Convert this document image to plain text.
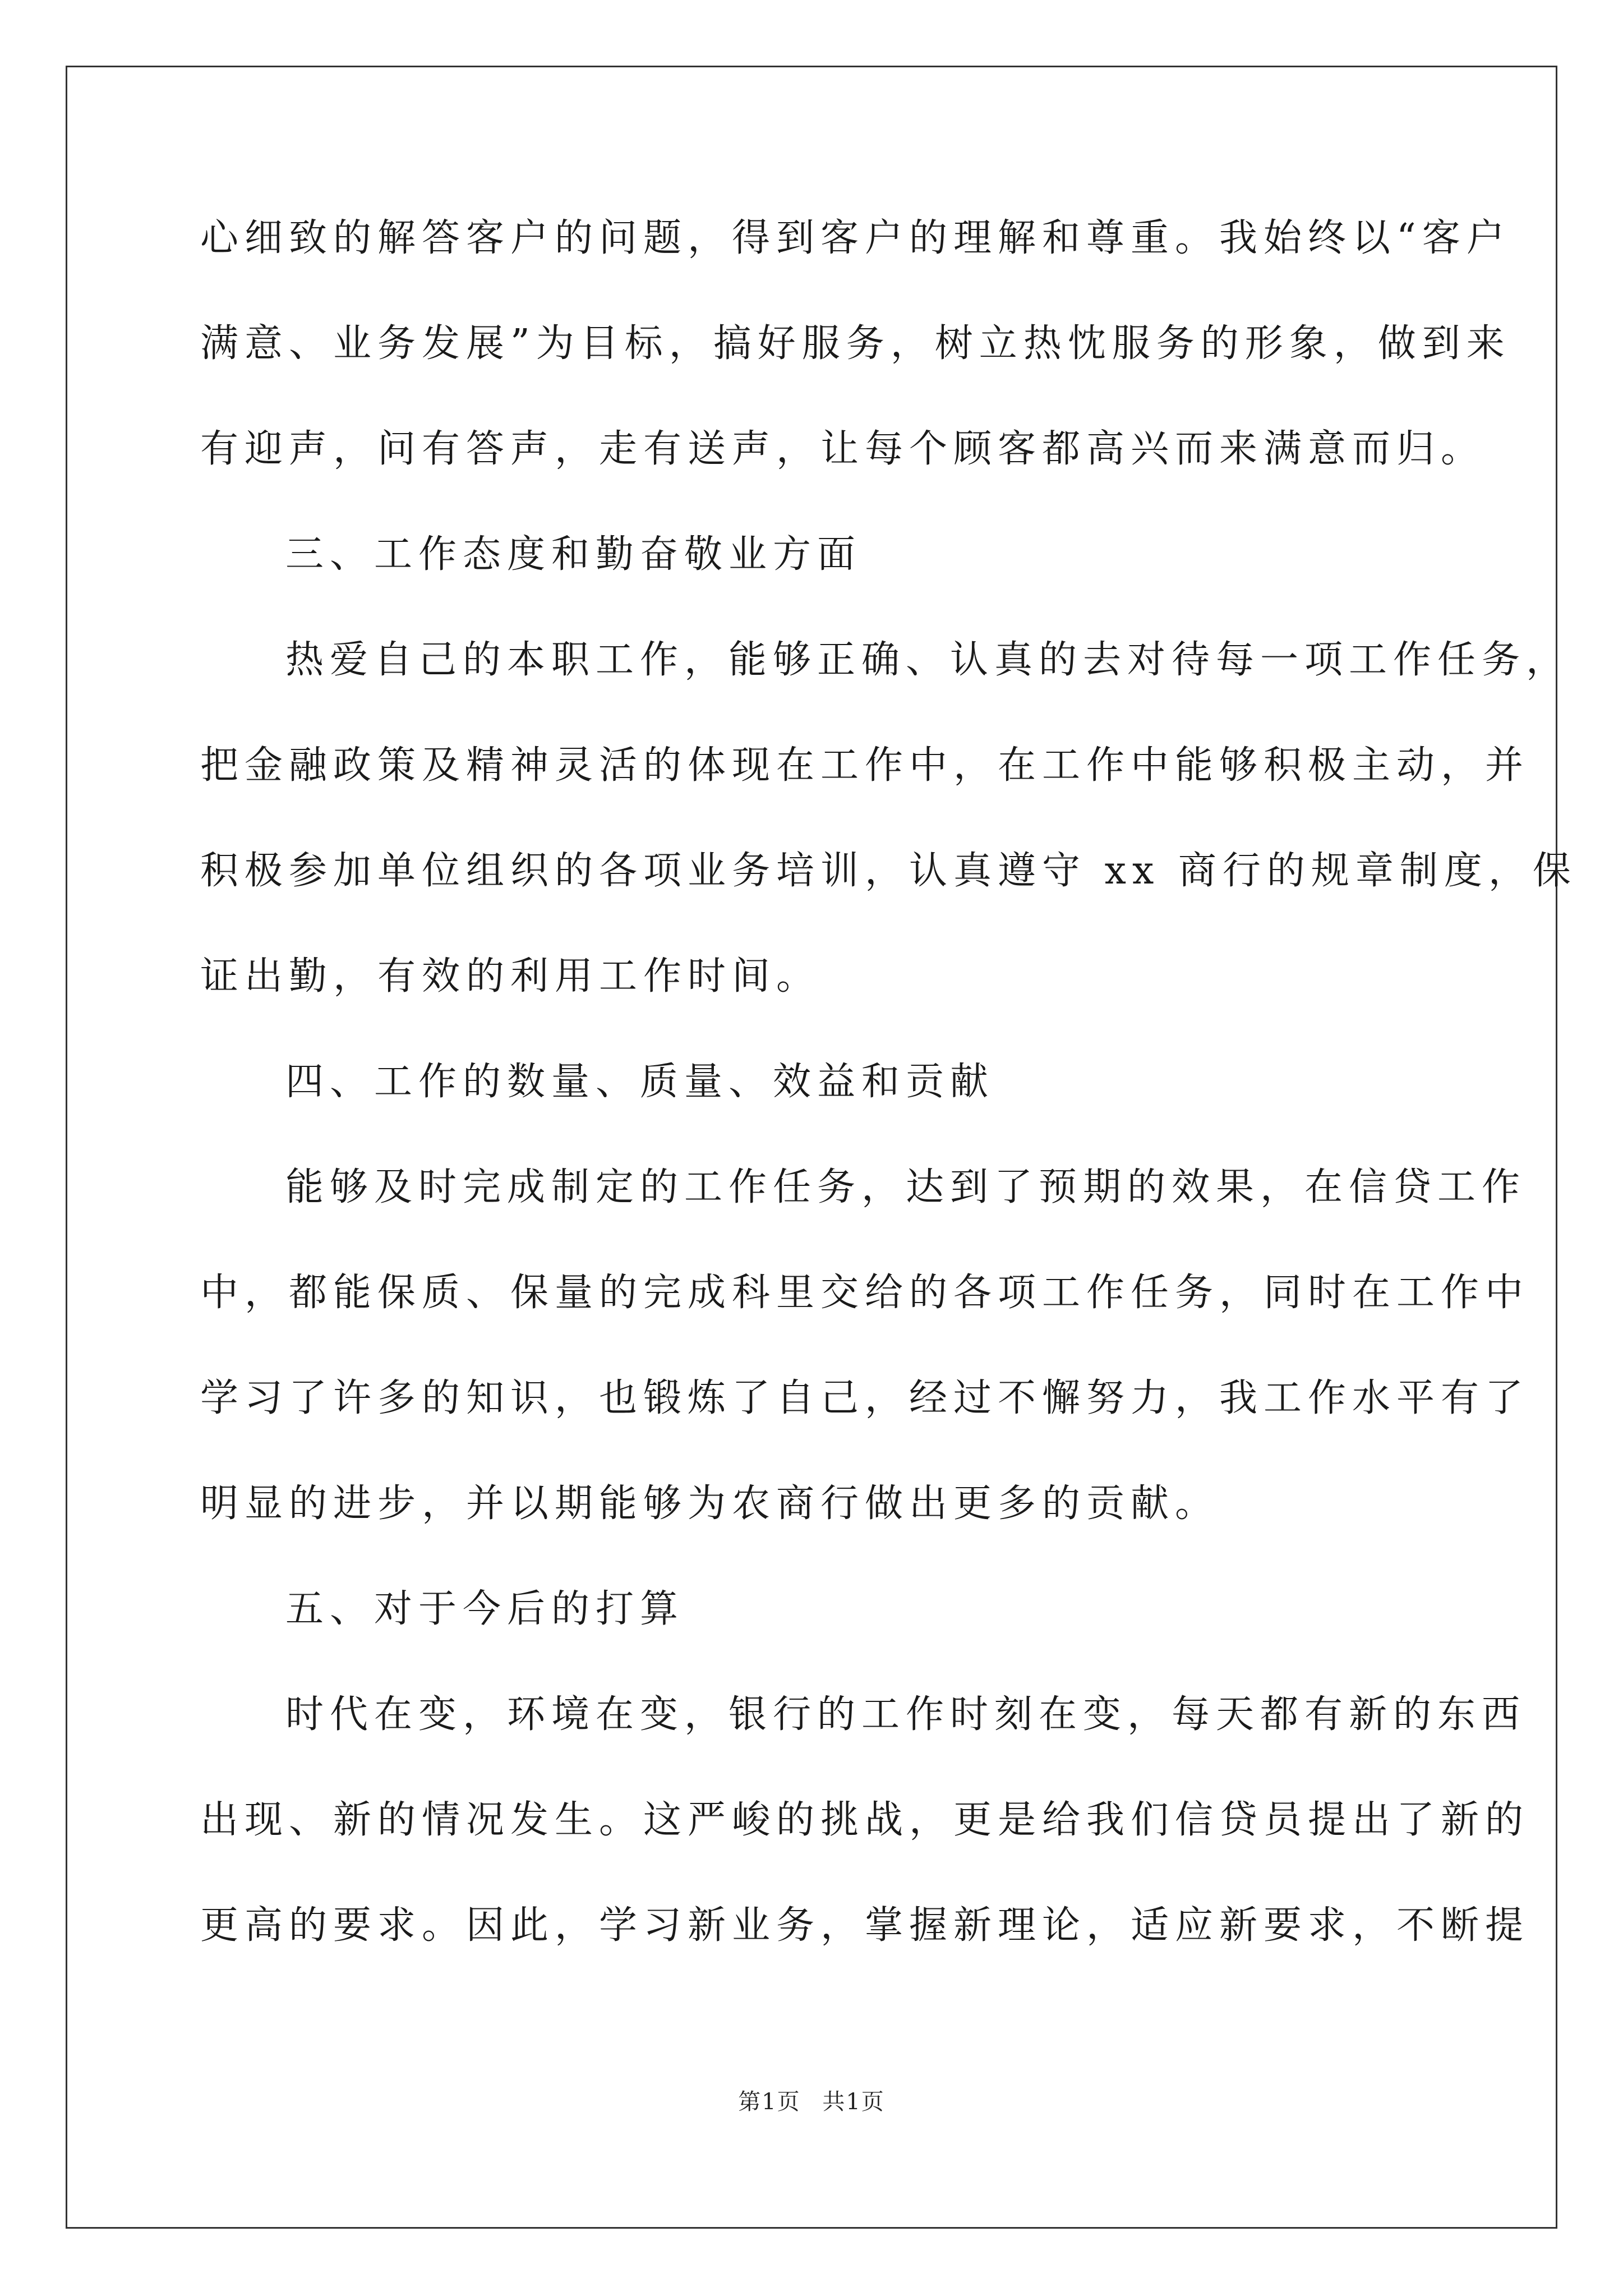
心细致的解答客户的问题，得到客户的理解和尊重。我始终以“客户
满意、业务发展”为目标，搞好服务，树立热忱服务的形象，做到来
有迎声，问有答声，走有送声，让每个顾客都高兴而来满意而归。
三、工作态度和勤奋敬业方面
热爱自己的本职工作，能够正确、认真的去对待每一项工作任务，
把金融政策及精神灵活的体现在工作中，在工作中能够积极主动，并
积极参加单位组织的各项业务培训，认真遵守 xx 商行的规章制度，保
证出勤，有效的利用工作时间。
四、工作的数量、质量、效益和贡献
能够及时完成制定的工作任务，达到了预期的效果，在信贷工作
中，都能保质、保量的完成科里交给的各项工作任务，同时在工作中
学习了许多的知识，也锻炼了自己，经过不懈努力，我工作水平有了
明显的进步，并以期能够为农商行做出更多的贡献。
五、对于今后的打算
时代在变，环境在变，银行的工作时刻在变，每天都有新的东西
出现、新的情况发生。这严峻的挑战，更是给我们信贷员提出了新的
更高的要求。因此，学习新业务，掌握新理论，适应新要求，不断提
第1页 共1页
